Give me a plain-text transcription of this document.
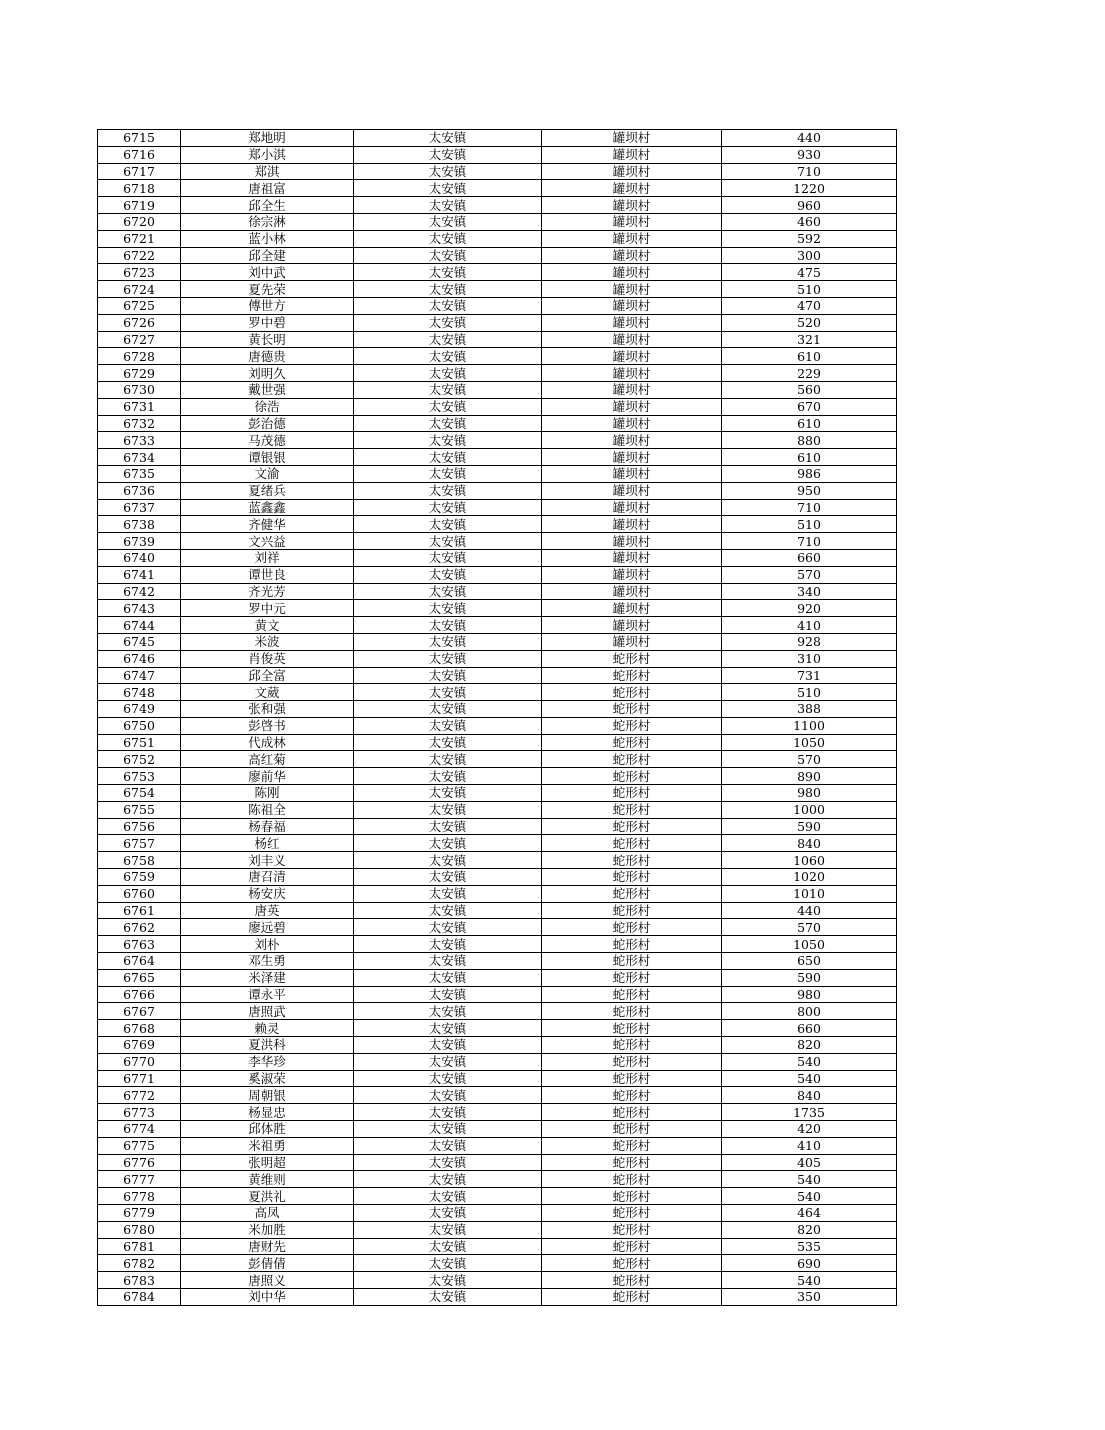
6715	郑地明	太安镇	罐坝村	440
6716	郑小淇	太安镇	罐坝村	930
6717	郑淇	太安镇	罐坝村	710
6718	唐祖富	太安镇	罐坝村	1220
6719	邱全生	太安镇	罐坝村	960
6720	徐宗淋	太安镇	罐坝村	460
6721	蓝小林	太安镇	罐坝村	592
6722	邱全建	太安镇	罐坝村	300
6723	刘中武	太安镇	罐坝村	475
6724	夏先荣	太安镇	罐坝村	510
6725	傅世方	太安镇	罐坝村	470
6726	罗中碧	太安镇	罐坝村	520
6727	黄长明	太安镇	罐坝村	321
6728	唐德贵	太安镇	罐坝村	610
6729	刘明久	太安镇	罐坝村	229
6730	戴世强	太安镇	罐坝村	560
6731	徐浩	太安镇	罐坝村	670
6732	彭治德	太安镇	罐坝村	610
6733	马茂德	太安镇	罐坝村	880
6734	谭银银	太安镇	罐坝村	610
6735	文渝	太安镇	罐坝村	986
6736	夏绪兵	太安镇	罐坝村	950
6737	蓝鑫鑫	太安镇	罐坝村	710
6738	齐健华	太安镇	罐坝村	510
6739	文兴益	太安镇	罐坝村	710
6740	刘祥	太安镇	罐坝村	660
6741	谭世良	太安镇	罐坝村	570
6742	齐光芳	太安镇	罐坝村	340
6743	罗中元	太安镇	罐坝村	920
6744	黄文	太安镇	罐坝村	410
6745	米波	太安镇	罐坝村	928
6746	肖俊英	太安镇	蛇形村	310
6747	邱全富	太安镇	蛇形村	731
6748	文葳	太安镇	蛇形村	510
6749	张和强	太安镇	蛇形村	388
6750	彭啓书	太安镇	蛇形村	1100
6751	代成林	太安镇	蛇形村	1050
6752	高红菊	太安镇	蛇形村	570
6753	廖前华	太安镇	蛇形村	890
6754	陈刚	太安镇	蛇形村	980
6755	陈祖全	太安镇	蛇形村	1000
6756	杨春福	太安镇	蛇形村	590
6757	杨红	太安镇	蛇形村	840
6758	刘丰义	太安镇	蛇形村	1060
6759	唐召清	太安镇	蛇形村	1020
6760	杨安庆	太安镇	蛇形村	1010
6761	唐英	太安镇	蛇形村	440
6762	廖远碧	太安镇	蛇形村	570
6763	刘朴	太安镇	蛇形村	1050
6764	邓生勇	太安镇	蛇形村	650
6765	米泽建	太安镇	蛇形村	590
6766	谭永平	太安镇	蛇形村	980
6767	唐照武	太安镇	蛇形村	800
6768	赖灵	太安镇	蛇形村	660
6769	夏洪科	太安镇	蛇形村	820
6770	李华珍	太安镇	蛇形村	540
6771	奚淑荣	太安镇	蛇形村	540
6772	周朝银	太安镇	蛇形村	840
6773	杨显忠	太安镇	蛇形村	1735
6774	邱体胜	太安镇	蛇形村	420
6775	米祖勇	太安镇	蛇形村	410
6776	张明超	太安镇	蛇形村	405
6777	黄维则	太安镇	蛇形村	540
6778	夏洪礼	太安镇	蛇形村	540
6779	高凤	太安镇	蛇形村	464
6780	米加胜	太安镇	蛇形村	820
6781	唐财先	太安镇	蛇形村	535
6782	彭倩倩	太安镇	蛇形村	690
6783	唐照义	太安镇	蛇形村	540
6784	刘中华	太安镇	蛇形村	350
